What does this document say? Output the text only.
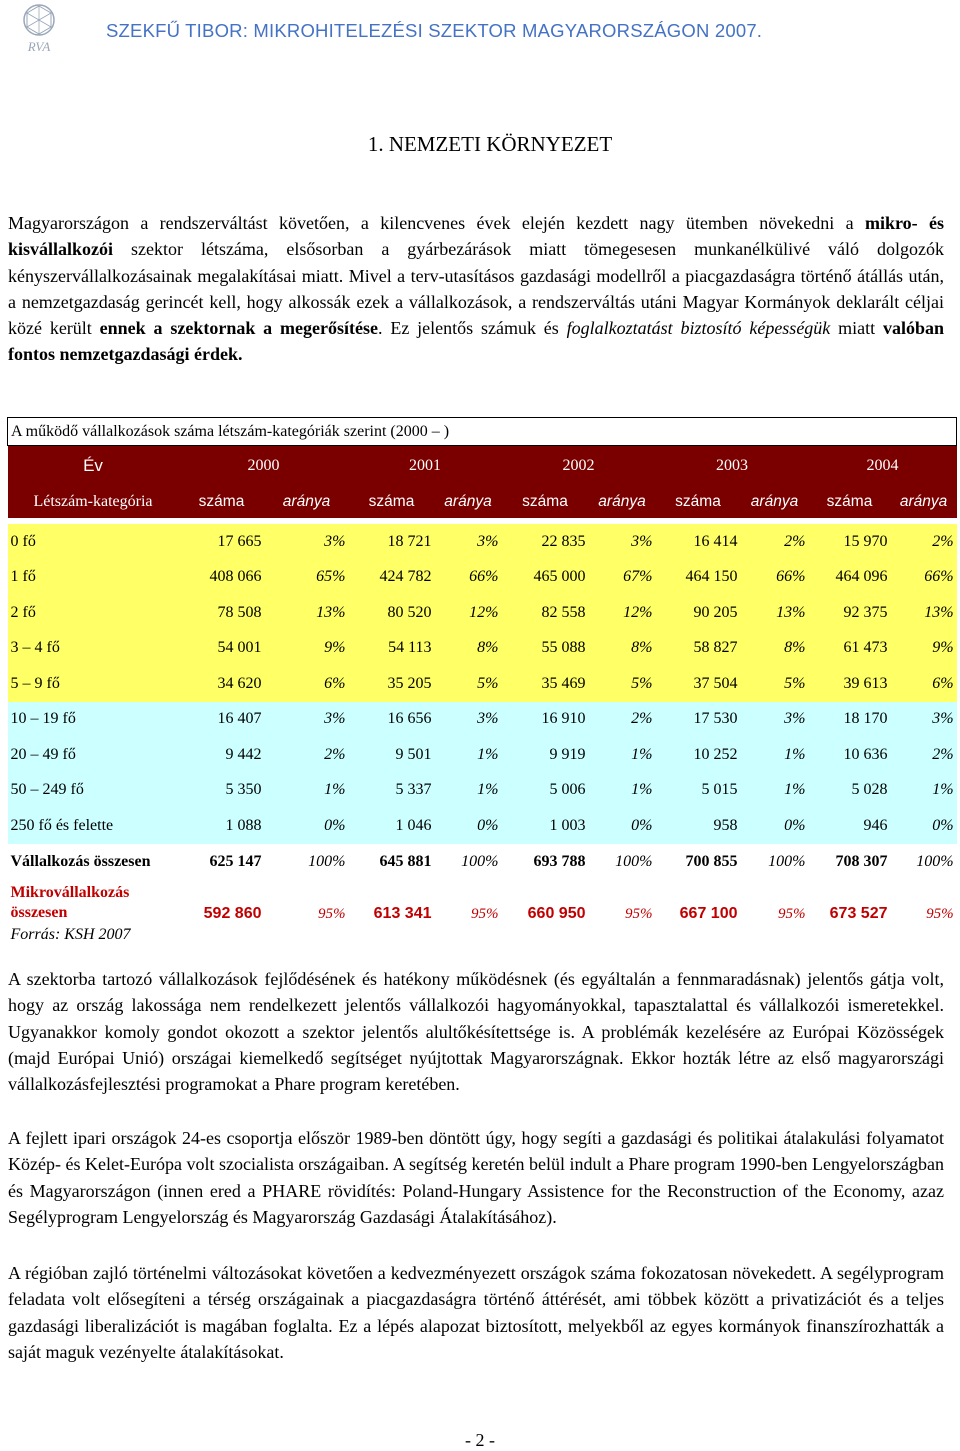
RVA
SZEKFŰ TIBOR: MIKROHITELEZÉSI SZEKTOR MAGYARORSZÁGON 2007.
1. NEMZETI KÖRNYEZET
Magyarországon a rendszerváltást követően, a kilencvenes évek elején kezdett nagy ütemben növekedni a mikro- és kisvállalkozói szektor létszáma, elsősorban a gyárbezárások miatt tömegesesen munkanélkülivé váló dolgozók kényszervállalkozásainak megalakításai miatt. Mivel a terv-utasításos gazdasági modellről a piacgazdaságra történő átállás után, a nemzetgazdaság gerincét kell, hogy alkossák ezek a vállalkozások, a rendszerváltás utáni Magyar Kormányok deklarált céljai közé került ennek a szektornak a megerősítése. Ez jelentős számuk és foglalkoztatást biztosító képességük miatt valóban fontos nemzetgazdasági érdek.
A működő vállalkozások száma létszám-kategóriák szerint (2000 – )										
Év	2000		2001		2002		2003		2004	
Létszám-kategória	száma	aránya	száma	aránya	száma	aránya	száma	aránya	száma	aránya

0 fő	17 665	3%	18 721	3%	22 835	3%	16 414	2%	15 970	2%
1 fő	408 066	65%	424 782	66%	465 000	67%	464 150	66%	464 096	66%
2 fő	78 508	13%	80 520	12%	82 558	12%	90 205	13%	92 375	13%
3 – 4 fő	54 001	9%	54 113	8%	55 088	8%	58 827	8%	61 473	9%
5 – 9 fő	34 620	6%	35 205	5%	35 469	5%	37 504	5%	39 613	6%
10 – 19 fő	16 407	3%	16 656	3%	16 910	2%	17 530	3%	18 170	3%
20 – 49 fő	9 442	2%	9 501	1%	9 919	1%	10 252	1%	10 636	2%
50 – 249 fő	5 350	1%	5 337	1%	5 006	1%	5 015	1%	5 028	1%
250 fő és felette	1 088	0%	1 046	0%	1 003	0%	958	0%	946	0%
Vállalkozás összesen	625 147	100%	645 881	100%	693 788	100%	700 855	100%	708 307	100%
Mikrovállalkozás összesen	592 860	95%	613 341	95%	660 950	95%	667 100	95%	673 527	95%
Forrás: KSH 2007										
A szektorba tartozó vállalkozások fejlődésének és hatékony működésnek (és egyáltalán a fennmaradásnak) jelentős gátja volt, hogy az ország lakossága nem rendelkezett jelentős vállalkozói hagyományokkal, tapasztalattal és vállalkozói ismeretekkel. Ugyanakkor komoly gondot okozott a szektor jelentős alultőkésítettsége is. A problémák kezelésére az Európai Közösségek (majd Európai Unió) országai kiemelkedő segítséget nyújtottak Magyarországnak. Ekkor hozták létre az első magyarországi vállalkozásfejlesztési programokat a Phare program keretében.
A fejlett ipari országok 24-es csoportja először 1989-ben döntött úgy, hogy segíti a gazdasági és politikai átalakulási folyamatot Közép- és Kelet-Európa volt szocialista országaiban. A segítség keretén belül indult a Phare program 1990-ben Lengyelországban és Magyarországon (innen ered a PHARE rövidítés: Poland-Hungary Assistence for the Reconstruction of the Economy, azaz Segélyprogram Lengyelország és Magyarország Gazdasági Átalakításához).
A régióban zajló történelmi változásokat követően a kedvezményezett országok száma fokozatosan növekedett. A segélyprogram feladata volt elősegíteni a térség országainak a piacgazdaságra történő áttérését, ami többek között a privatizációt és a teljes gazdasági liberalizációt is magában foglalta. Ez a lépés alapozat biztosított, melyekből az egyes kormányok finanszírozhatták a saját maguk vezényelte átalakításokat.
- 2 -
